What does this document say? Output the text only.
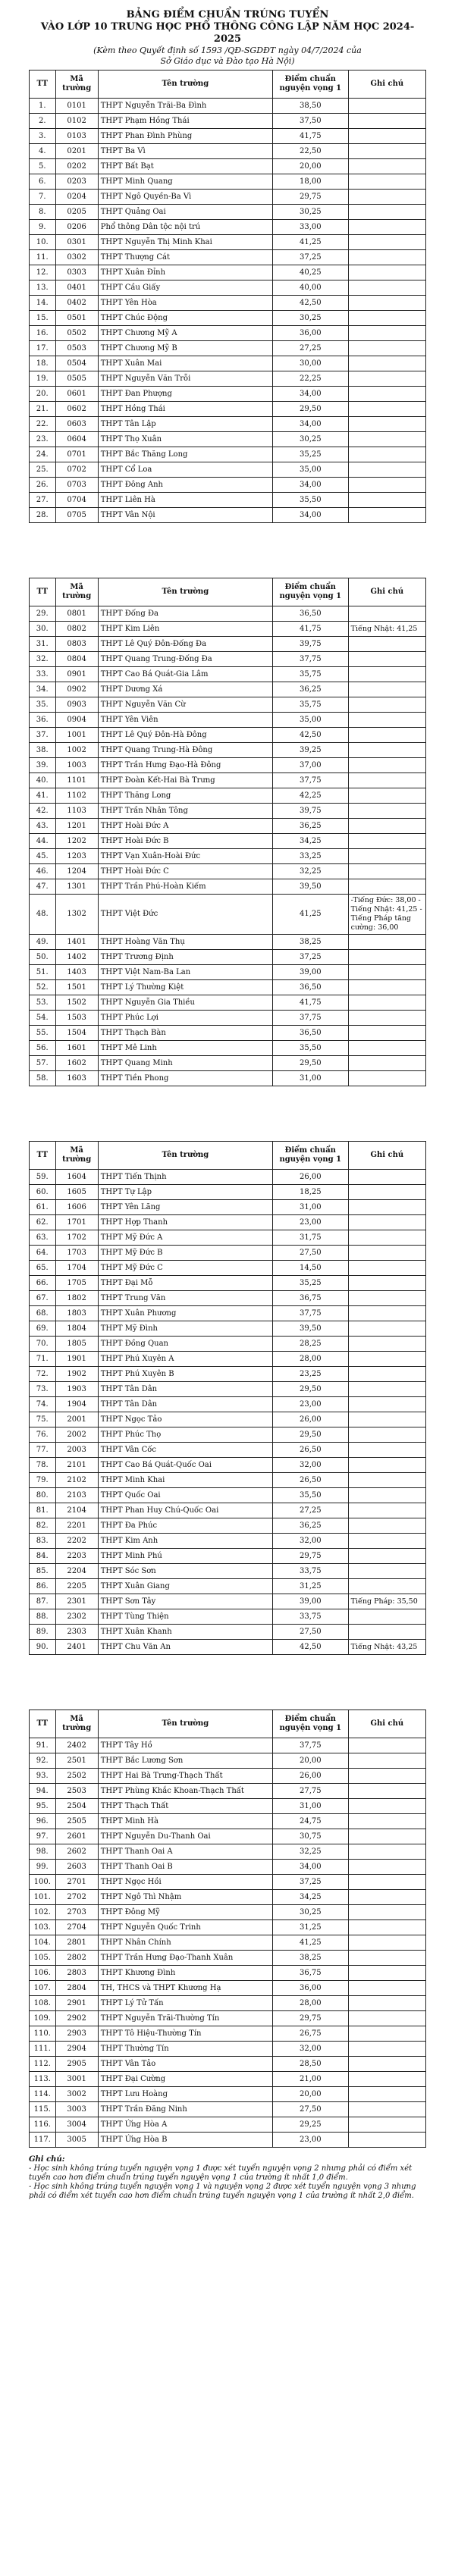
BẢNG ĐIỂM CHUẨN TRÚNG TUYỂN
VÀO LỚP 10 TRUNG HỌC PHỔ THÔNG CÔNG LẬP NĂM HỌC 2024-2025
(Kèm theo Quyết định số 1593 /QĐ-SGDĐT ngày 04/7/2024 của
Sở Giáo dục và Đào tạo Hà Nội)
TT	Mã trường	Tên trường	Điểm chuẩn nguyện vọng 1	Ghi chú
1.	0101	THPT Nguyễn Trãi-Ba Đình	38,50	
2.	0102	THPT Phạm Hồng Thái	37,50	
3.	0103	THPT Phan Đình Phùng	41,75	
4.	0201	THPT Ba Vì	22,50	
5.	0202	THPT Bất Bạt	20,00	
6.	0203	THPT Minh Quang	18,00	
7.	0204	THPT Ngô Quyền-Ba Vì	29,75	
8.	0205	THPT Quảng Oai	30,25	
9.	0206	Phổ thông Dân tộc nội trú	33,00	
10.	0301	THPT Nguyễn Thị Minh Khai	41,25	
11.	0302	THPT Thượng Cát	37,25	
12.	0303	THPT Xuân Đỉnh	40,25	
13.	0401	THPT Cầu Giấy	40,00	
14.	0402	THPT Yên Hòa	42,50	
15.	0501	THPT Chúc Động	30,25	
16.	0502	THPT Chương Mỹ A	36,00	
17.	0503	THPT Chương Mỹ B	27,25	
18.	0504	THPT Xuân Mai	30,00	
19.	0505	THPT Nguyễn Văn Trỗi	22,25	
20.	0601	THPT Đan Phượng	34,00	
21.	0602	THPT Hồng Thái	29,50	
22.	0603	THPT Tân Lập	34,00	
23.	0604	THPT Thọ Xuân	30,25	
24.	0701	THPT Bắc Thăng Long	35,25	
25.	0702	THPT Cổ Loa	35,00	
26.	0703	THPT Đông Anh	34,00	
27.	0704	THPT Liên Hà	35,50	
28.	0705	THPT Vân Nội	34,00	
TT	Mã trường	Tên trường	Điểm chuẩn nguyện vọng 1	Ghi chú
29.	0801	THPT Đống Đa	36,50	
30.	0802	THPT Kim Liên	41,75	Tiếng Nhật: 41,25
31.	0803	THPT Lê Quý Đôn-Đống Đa	39,75	
32.	0804	THPT Quang Trung-Đống Đa	37,75	
33.	0901	THPT Cao Bá Quát-Gia Lâm	35,75	
34.	0902	THPT Dương Xá	36,25	
35.	0903	THPT Nguyễn Văn Cừ	35,75	
36.	0904	THPT Yên Viên	35,00	
37.	1001	THPT Lê Quý Đôn-Hà Đông	42,50	
38.	1002	THPT Quang Trung-Hà Đông	39,25	
39.	1003	THPT Trần Hưng Đạo-Hà Đông	37,00	
40.	1101	THPT Đoàn Kết-Hai Bà Trưng	37,75	
41.	1102	THPT Thăng Long	42,25	
42.	1103	THPT Trần Nhân Tông	39,75	
43.	1201	THPT Hoài Đức A	36,25	
44.	1202	THPT Hoài Đức B	34,25	
45.	1203	THPT Vạn Xuân-Hoài Đức	33,25	
46.	1204	THPT Hoài Đức C	32,25	
47.	1301	THPT Trần Phú-Hoàn Kiếm	39,50	
48.	1302	THPT Việt Đức	41,25	-Tiếng Đức: 38,00 -Tiếng Nhật: 41,25 -Tiếng Pháp tăng cường: 36,00
49.	1401	THPT Hoàng Văn Thụ	38,25	
50.	1402	THPT Trương Định	37,25	
51.	1403	THPT Việt Nam-Ba Lan	39,00	
52.	1501	THPT Lý Thường Kiệt	36,50	
53.	1502	THPT Nguyễn Gia Thiều	41,75	
54.	1503	THPT Phúc Lợi	37,75	
55.	1504	THPT Thạch Bàn	36,50	
56.	1601	THPT Mê Linh	35,50	
57.	1602	THPT Quang Minh	29,50	
58.	1603	THPT Tiền Phong	31,00	
TT	Mã trường	Tên trường	Điểm chuẩn nguyện vọng 1	Ghi chú
59.	1604	THPT Tiến Thịnh	26,00	
60.	1605	THPT Tự Lập	18,25	
61.	1606	THPT Yên Lãng	31,00	
62.	1701	THPT Hợp Thanh	23,00	
63.	1702	THPT Mỹ Đức A	31,75	
64.	1703	THPT Mỹ Đức B	27,50	
65.	1704	THPT Mỹ Đức C	14,50	
66.	1705	THPT Đại Mỗ	35,25	
67.	1802	THPT Trung Văn	36,75	
68.	1803	THPT Xuân Phương	37,75	
69.	1804	THPT Mỹ Đình	39,50	
70.	1805	THPT Đồng Quan	28,25	
71.	1901	THPT Phú Xuyên A	28,00	
72.	1902	THPT Phú Xuyên B	23,25	
73.	1903	THPT Tân Dân	29,50	
74.	1904	THPT Tân Dân	23,00	
75.	2001	THPT Ngọc Tảo	26,00	
76.	2002	THPT Phúc Thọ	29,50	
77.	2003	THPT Vân Cốc	26,50	
78.	2101	THPT Cao Bá Quát-Quốc Oai	32,00	
79.	2102	THPT Minh Khai	26,50	
80.	2103	THPT Quốc Oai	35,50	
81.	2104	THPT Phan Huy Chú-Quốc Oai	27,25	
82.	2201	THPT Đa Phúc	36,25	
83.	2202	THPT Kim Anh	32,00	
84.	2203	THPT Minh Phú	29,75	
85.	2204	THPT Sóc Sơn	33,75	
86.	2205	THPT Xuân Giang	31,25	
87.	2301	THPT Sơn Tây	39,00	Tiếng Pháp: 35,50
88.	2302	THPT Tùng Thiện	33,75	
89.	2303	THPT Xuân Khanh	27,50	
90.	2401	THPT Chu Văn An	42,50	Tiếng Nhật: 43,25
TT	Mã trường	Tên trường	Điểm chuẩn nguyện vọng 1	Ghi chú
91.	2402	THPT Tây Hồ	37,75	
92.	2501	THPT Bắc Lương Sơn	20,00	
93.	2502	THPT Hai Bà Trưng-Thạch Thất	26,00	
94.	2503	THPT Phùng Khắc Khoan-Thạch Thất	27,75	
95.	2504	THPT Thạch Thất	31,00	
96.	2505	THPT Minh Hà	24,75	
97.	2601	THPT Nguyễn Du-Thanh Oai	30,75	
98.	2602	THPT Thanh Oai A	32,25	
99.	2603	THPT Thanh Oai B	34,00	
100.	2701	THPT Ngọc Hồi	37,25	
101.	2702	THPT Ngô Thì Nhậm	34,25	
102.	2703	THPT Đông Mỹ	30,25	
103.	2704	THPT Nguyễn Quốc Trinh	31,25	
104.	2801	THPT Nhân Chính	41,25	
105.	2802	THPT Trần Hưng Đạo-Thanh Xuân	38,25	
106.	2803	THPT Khương Đình	36,75	
107.	2804	TH, THCS và THPT Khương Hạ	36,00	
108.	2901	THPT Lý Tử Tấn	28,00	
109.	2902	THPT Nguyễn Trãi-Thường Tín	29,75	
110.	2903	THPT Tô Hiệu-Thường Tín	26,75	
111.	2904	THPT Thường Tín	32,00	
112.	2905	THPT Vân Tảo	28,50	
113.	3001	THPT Đại Cường	21,00	
114.	3002	THPT Lưu Hoàng	20,00	
115.	3003	THPT Trần Đăng Ninh	27,50	
116.	3004	THPT Ứng Hòa A	29,25	
117.	3005	THPT Ứng Hòa B	23,00	
Ghi chú:
- Học sinh không trúng tuyển nguyện vọng 1 được xét tuyển nguyện vọng 2 nhưng phải có điểm xét tuyển cao hơn điểm chuẩn trúng tuyển nguyện vọng 1 của trường ít nhất 1,0 điểm.
- Học sinh không trúng tuyển nguyện vọng 1 và nguyện vọng 2 được xét tuyển nguyện vọng 3 nhưng phải có điểm xét tuyển cao hơn điểm chuẩn trúng tuyển nguyện vọng 1 của trường ít nhất 2,0 điểm.
